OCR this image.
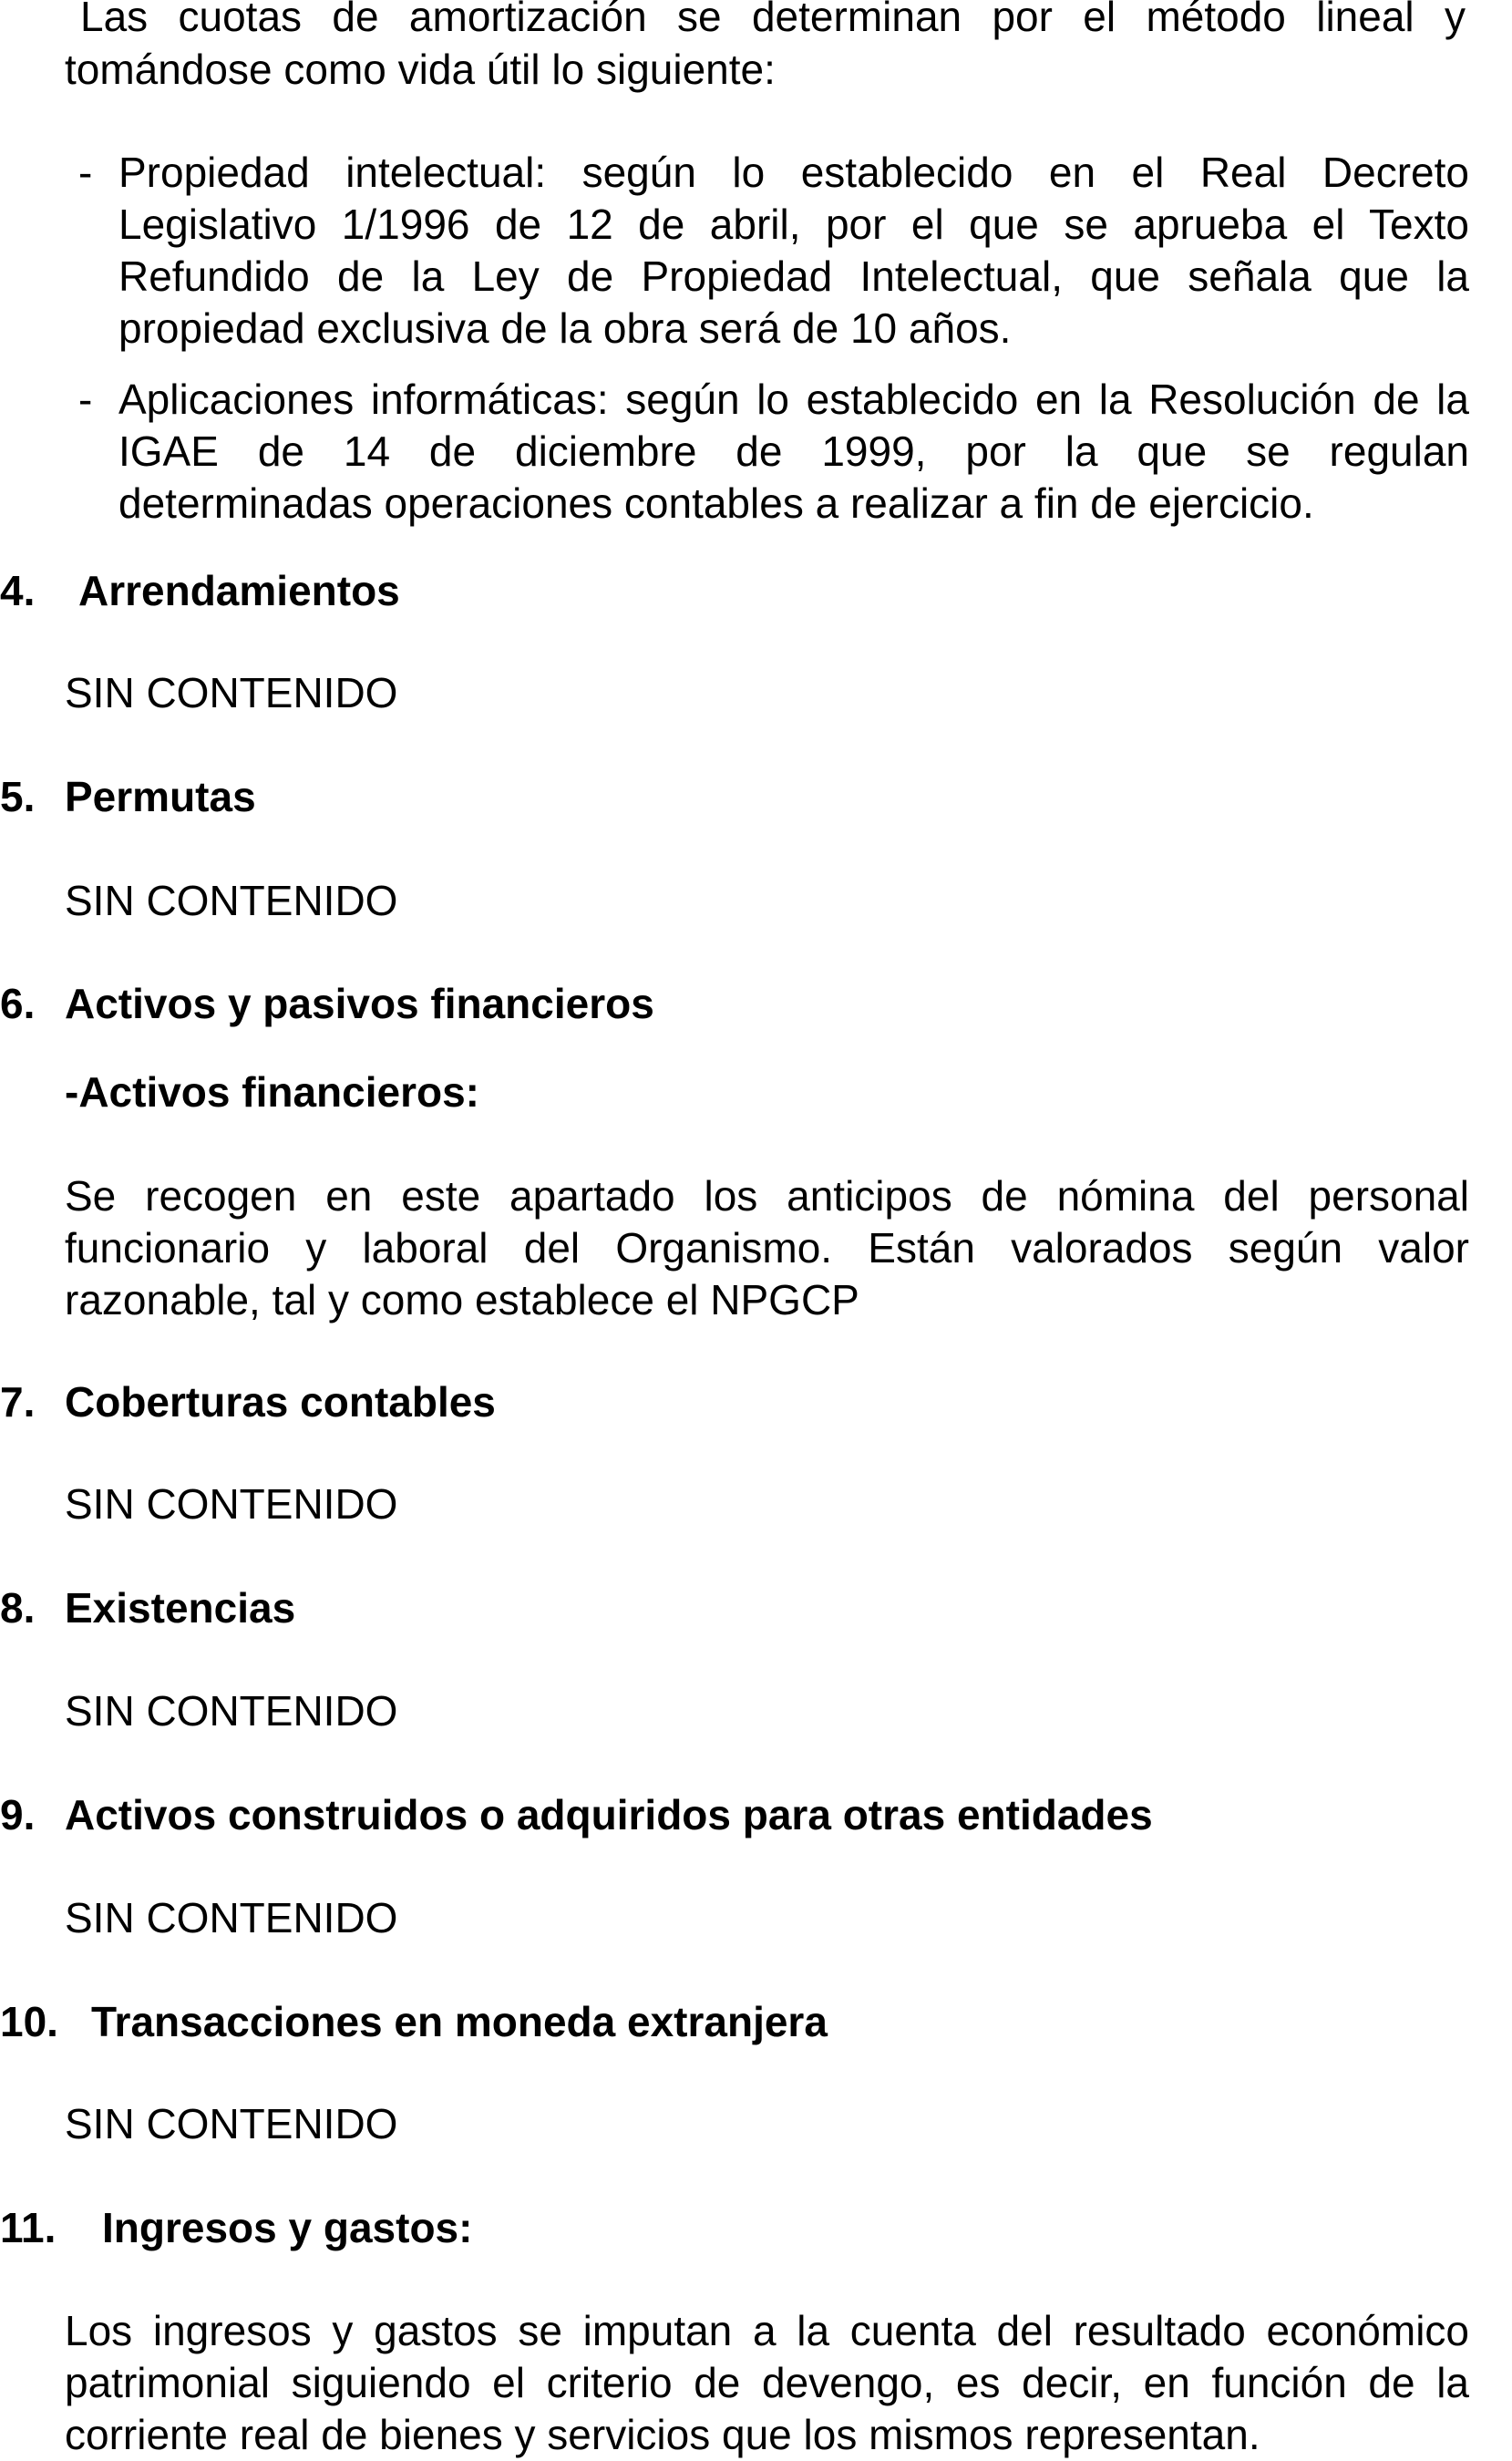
Las cuotas de amortización se determinan por el método lineal y
tomándose como vida útil lo siguiente:
- Propiedad intelectual: según lo establecido en el Real Decreto
Legislativo 1/1996 de 12 de abril, por el que se aprueba el Texto
Refundido de la Ley de Propiedad Intelectual, que señala que la
propiedad exclusiva de la obra será de 10 años.
- Aplicaciones informáticas: según lo establecido en la Resolución de la
IGAE de 14 de diciembre de 1999, por la que se regulan
determinadas operaciones contables a realizar a fin de ejercicio.
4. Arrendamientos
SIN CONTENIDO
5. Permutas
SIN CONTENIDO
6. Activos y pasivos financieros
-Activos financieros:
Se recogen en este apartado los anticipos de nómina del personal
funcionario y laboral del Organismo. Están valorados según valor
razonable, tal y como establece el NPGCP
7. Coberturas contables
SIN CONTENIDO
8. Existencias
SIN CONTENIDO
9. Activos construidos o adquiridos para otras entidades
SIN CONTENIDO
10. Transacciones en moneda extranjera
SIN CONTENIDO
11. Ingresos y gastos:
Los ingresos y gastos se imputan a la cuenta del resultado económico
patrimonial siguiendo el criterio de devengo, es decir, en función de la
corriente real de bienes y servicios que los mismos representan.
